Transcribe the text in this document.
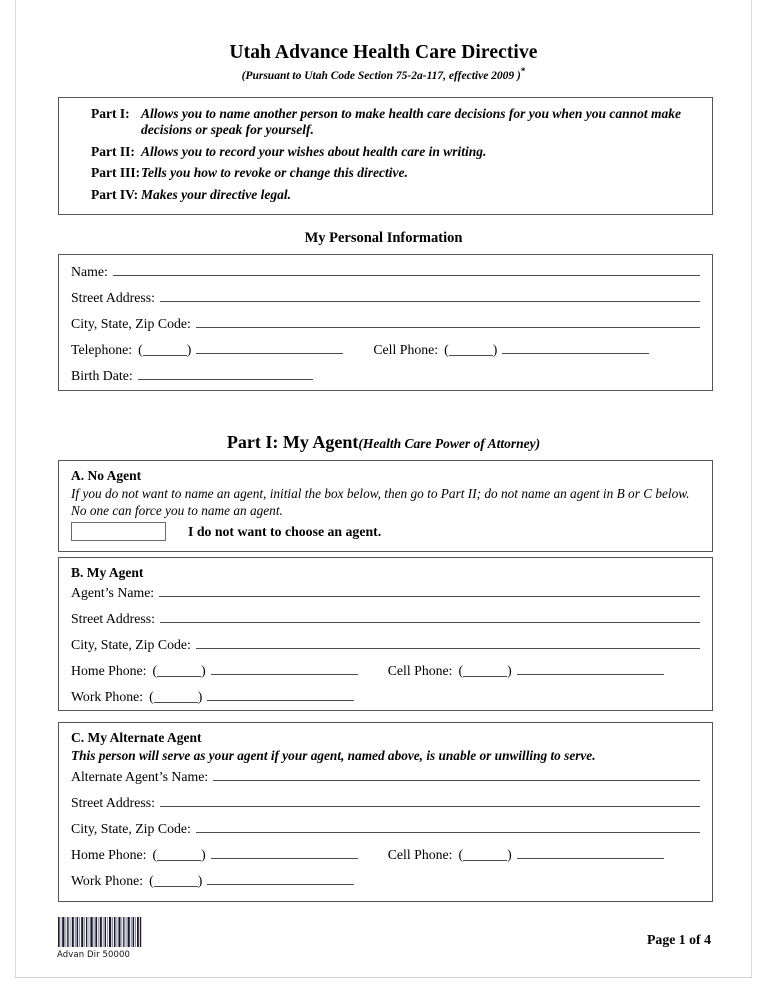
Utah Advance Health Care Directive
(Pursuant to Utah Code Section 75-2a-117, effective 2009 )*
Part I: Allows you to name another person to make health care decisions for you when you cannot make decisions or speak for yourself.
Part II: Allows you to record your wishes about health care in writing.
Part III: Tells you how to revoke or change this directive.
Part IV: Makes your directive legal.
My Personal Information
Name:
Street Address:
City, State, Zip Code:
Telephone: (	)	Cell Phone: (	)
Birth Date:
Part I: My Agent(Health Care Power of Attorney)
A. No Agent
If you do not want to name an agent, initial the box below, then go to Part II; do not name an agent in B or C below. No one can force you to name an agent.
I do not want to choose an agent.
B. My Agent
Agent’s Name:
Street Address:
City, State, Zip Code:
Home Phone: (	)	Cell Phone: (	)
Work Phone: (	)
C. My Alternate Agent
This person will serve as your agent if your agent, named above, is unable or unwilling to serve.
Alternate Agent’s Name:
Street Address:
City, State, Zip Code:
Home Phone: (	)	Cell Phone: (	)
Work Phone: (	)
Advan Dir 50000
Page 1 of 4
